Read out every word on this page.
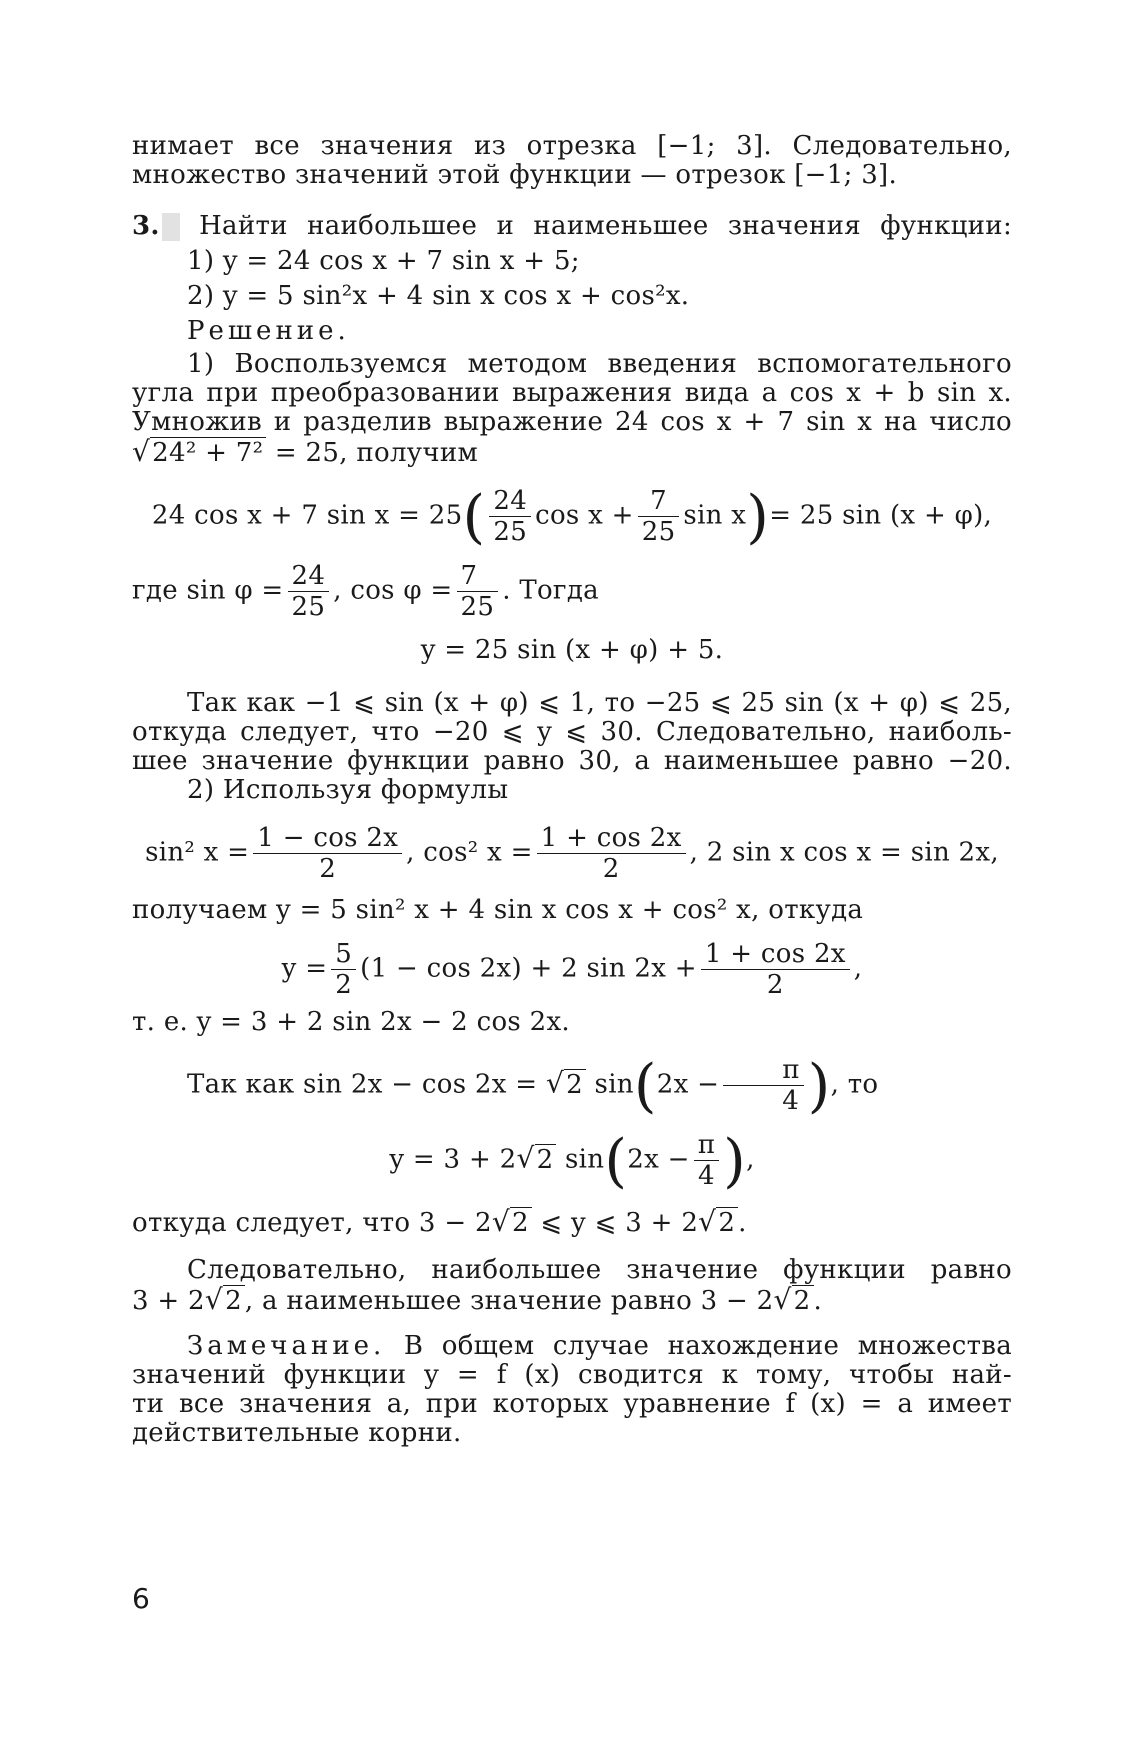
нимает все значения из отрезка [−1; 3]. Следовательно,

множество значений этой функции — отрезок [−1; 3].

3. Найти наибольшее и наименьшее значения функции:

1) y = 24 cos x + 7 sin x + 5;

2) y = 5 sin²x + 4 sin x cos x + cos²x.

Решение.

1) Воспользуемся методом введения вспомогательного

угла при преобразовании выражения вида a cos x + b sin x.

Умножив и разделив выражение 24 cos x + 7 sin x на число

√24² + 7² = 25, получим

24 cos x + 7 $\sin x = 25( \frac{24}{25}$ $\cos x + \frac{7}{25}$ sin x)= 25 sin (x + φ),

где $\sin \varphi = \frac{24}{25}$ , $\cos \varphi = \frac{7}{25}$ . Тогда

y = 25 sin (x + φ) + 5.

Так как −1 ⩽ sin (x + φ) ⩽ 1, то −25 ⩽ 25 sin (x + φ) ⩽ 25,

откуда следует, что −20 ⩽ y ⩽ 30. Следовательно, наиболь-

шее значение функции равно 30, а наименьшее равно −20.

2) Используя формулы

sin² $x = \frac{1 - \cos 2x}{2}$ , cos² $x = \frac{1 + \cos 2x}{2}$ , 2 sin x cos x = sin 2x,

получаем y = 5 sin² x + 4 sin x cos x + cos² x, откуда

$y = \frac{5}{2} (1 - \cos 2x) + 2$ $\sin 2x + \frac{1 + \cos 2x}{2}$ ,

т. е. y = 3 + 2 sin 2x − 2 cos 2x.

Так как sin 2x − cos 2x = √2 $\sin(2x - \frac{\pi}{4}$ ), то

y = 3 + 2√2 $\sin(2x - \frac{\pi}{4}$ ),

откуда следует, что 3 − 2√2 ⩽ y ⩽ 3 + 2√2 .

Следовательно, наибольшее значение функции равно

3 + 2√2 , а наименьшее значение равно 3 − 2√2 .

Замечание. В общем случае нахождение множества

значений функции y = f (x) сводится к тому, чтобы най-

ти все значения a, при которых уравнение f (x) = a имеет

действительные корни.

6
